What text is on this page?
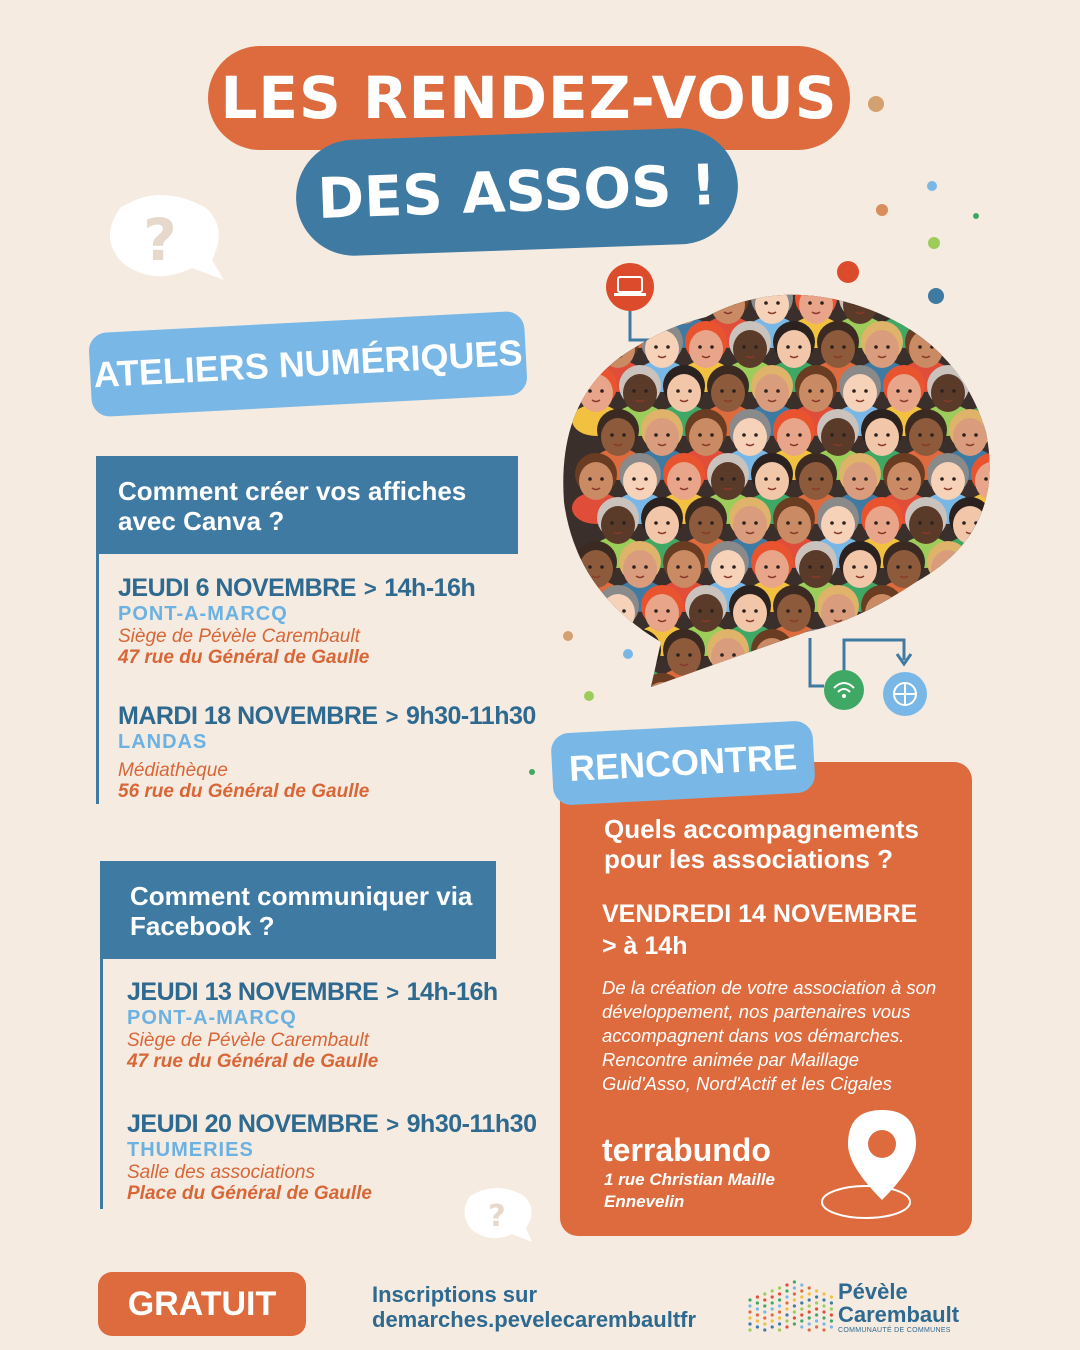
LES RENDEZ-VOUS
DES ASSOS !
?
ATELIERS NUMÉRIQUES
Comment créer vos affiches avec Canva ?
JEUDI 6 NOVEMBRE > 14h-16h
PONT-A-MARCQ
Siège de Pévèle Carembault
47 rue du Général de Gaulle
MARDI 18 NOVEMBRE > 9h30-11h30
LANDAS
Médiathèque
56 rue du Général de Gaulle
Comment communiquer via Facebook ?
JEUDI 13 NOVEMBRE > 14h-16h
PONT-A-MARCQ
Siège de Pévèle Carembault
47 rue du Général de Gaulle
JEUDI 20 NOVEMBRE > 9h30-11h30
THUMERIES
Salle des associations
Place du Général de Gaulle
?
RENCONTRE
Quels accompagnements pour les associations ?
VENDREDI 14 NOVEMBRE
> à 14h
De la création de votre association à son développement, nos partenaires vous accompagnent dans vos démarches. Rencontre animée par Maillage Guid'Asso, Nord'Actif et les Cigales
terrabundo
1 rue Christian Maille
Ennevelin
GRATUIT	Inscriptions sur
demarches.pevelecarembaultfr
Pévèle
Carembault
COMMUNAUTÉ DE COMMUNES
